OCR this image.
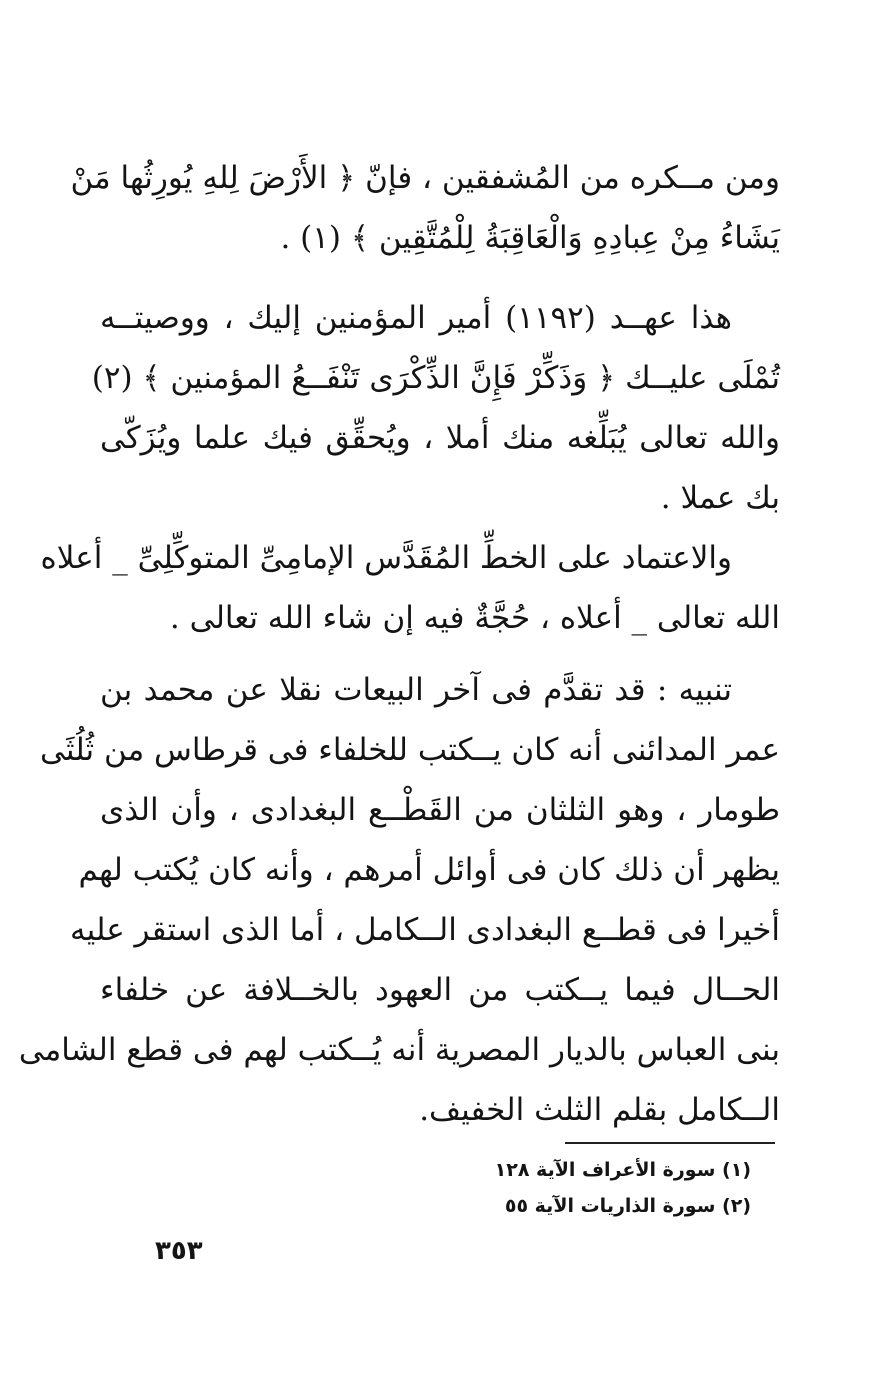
ومن مــكره من المُشفقين ، فإنّ ﴿ الأَرْضَ لِلهِ يُورِثُها مَنْ
يَشَاءُ مِنْ عِبادِهِ وَالْعَاقِبَةُ لِلْمُتَّقِين ﴾ (١) .
هذا عهــد (١١٩٢) أمير المؤمنين إليك ، ووصيتــه
تُمْلَى عليــك ﴿ وَذَكِّرْ فَإِنَّ الذِّكْرَى تَنْفَــعُ المؤمنين ﴾ (٢)
والله تعالى يُبَلِّغه منك أملا ، ويُحقِّق فيك علما ويُزَكّى
بك عملا .
والاعتماد على الخطِّ المُقَدَّس الإمامِىِّ المتوكِّلِىِّ _ أعلاه
الله تعالى _ أعلاه ، حُجَّةٌ فيه إن شاء الله تعالى .
تنبيه : قد تقدَّم فى آخر البيعات نقلا عن محمد بن
عمر المدائنى أنه كان يــكتب للخلفاء فى قرطاس من ثُلُثَى
طومار ، وهو الثلثان من القَطْــع البغدادى ، وأن الذى
يظهر أن ذلك كان فى أوائل أمرهم ، وأنه كان يُكتب لهم
أخيرا فى قطــع البغدادى الــكامل ، أما الذى استقر عليه
الحــال فيما يــكتب من العهود بالخــلافة عن خلفاء
بنى العباس بالديار المصرية أنه يُــكتب لهم فى قطع الشامى
الــكامل بقلم الثلث الخفيف.
(١) سورة الأعراف الآية ١٢٨
(٢) سورة الذاريات الآية ٥٥
٣٥٣
